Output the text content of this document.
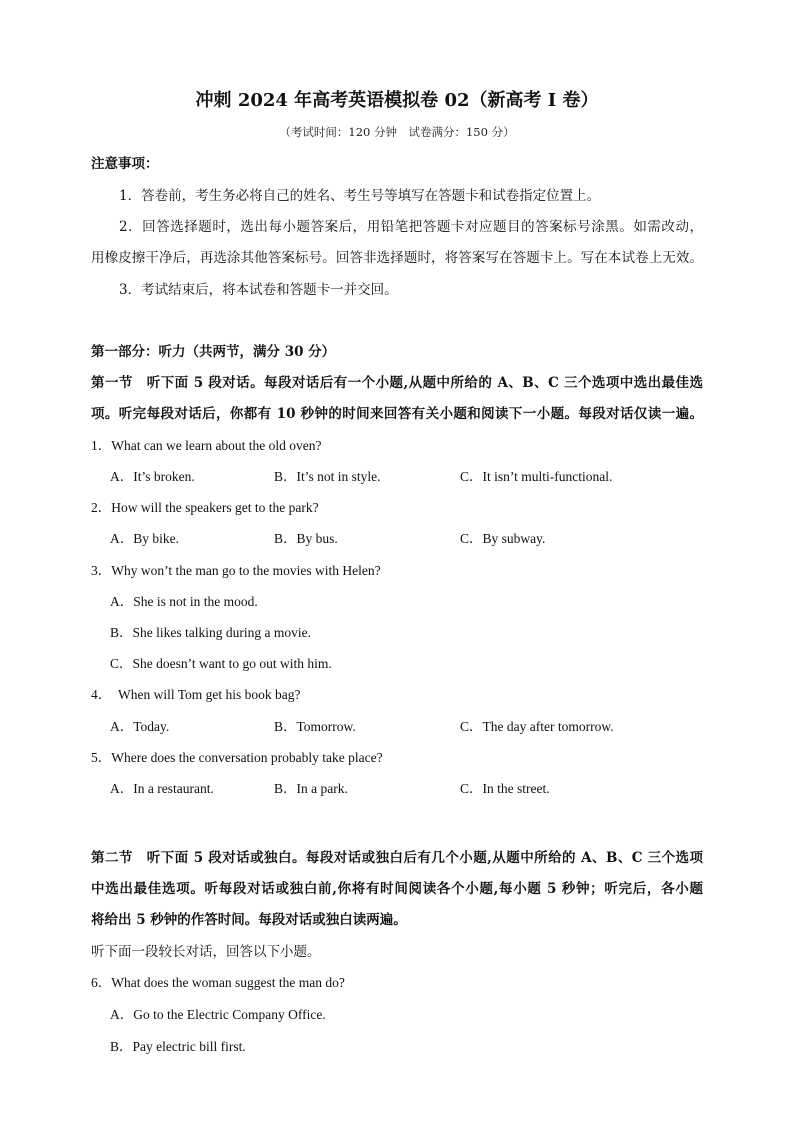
冲刺 2024 年高考英语模拟卷 02（新高考 I 卷）
（考试时间：120 分钟　试卷满分：150 分）
注意事项：
1．答卷前，考生务必将自己的姓名、考生号等填写在答题卡和试卷指定位置上。
2．回答选择题时，选出每小题答案后，用铅笔把答题卡对应题目的答案标号涂黑。如需改动，
用橡皮擦干净后，再选涂其他答案标号。回答非选择题时，将答案写在答题卡上。写在本试卷上无效。
3．考试结束后，将本试卷和答题卡一并交回。
第一部分：听力（共两节，满分 30 分）
第一节　听下面 5 段对话。每段对话后有一个小题,从题中所给的 A、B、C 三个选项中选出最佳选
项。听完每段对话后，你都有 10 秒钟的时间来回答有关小题和阅读下一小题。每段对话仅读一遍。
1．What can we learn about the old oven?
A．It’s broken.	B．It’s not in style.	C．It isn’t multi-functional.
2．How will the speakers get to the park?
A．By bike.	B．By bus.	C．By subway.
3．Why won’t the man go to the movies with Helen?
A．She is not in the mood.
B．She likes talking during a movie.
C．She doesn’t want to go out with him.
4．　When will Tom get his book bag?
A．Today.	B．Tomorrow.	C．The day after tomorrow.
5．Where does the conversation probably take place?
A．In a restaurant.	B．In a park.	C．In the street.
第二节　听下面 5 段对话或独白。每段对话或独白后有几个小题,从题中所给的 A、B、C 三个选项
中选出最佳选项。听每段对话或独白前,你将有时间阅读各个小题,每小题 5 秒钟；听完后，各小题
将给出 5 秒钟的作答时间。每段对话或独白读两遍。
听下面一段较长对话，回答以下小题。
6．What does the woman suggest the man do?
A．Go to the Electric Company Office.
B．Pay electric bill first.
